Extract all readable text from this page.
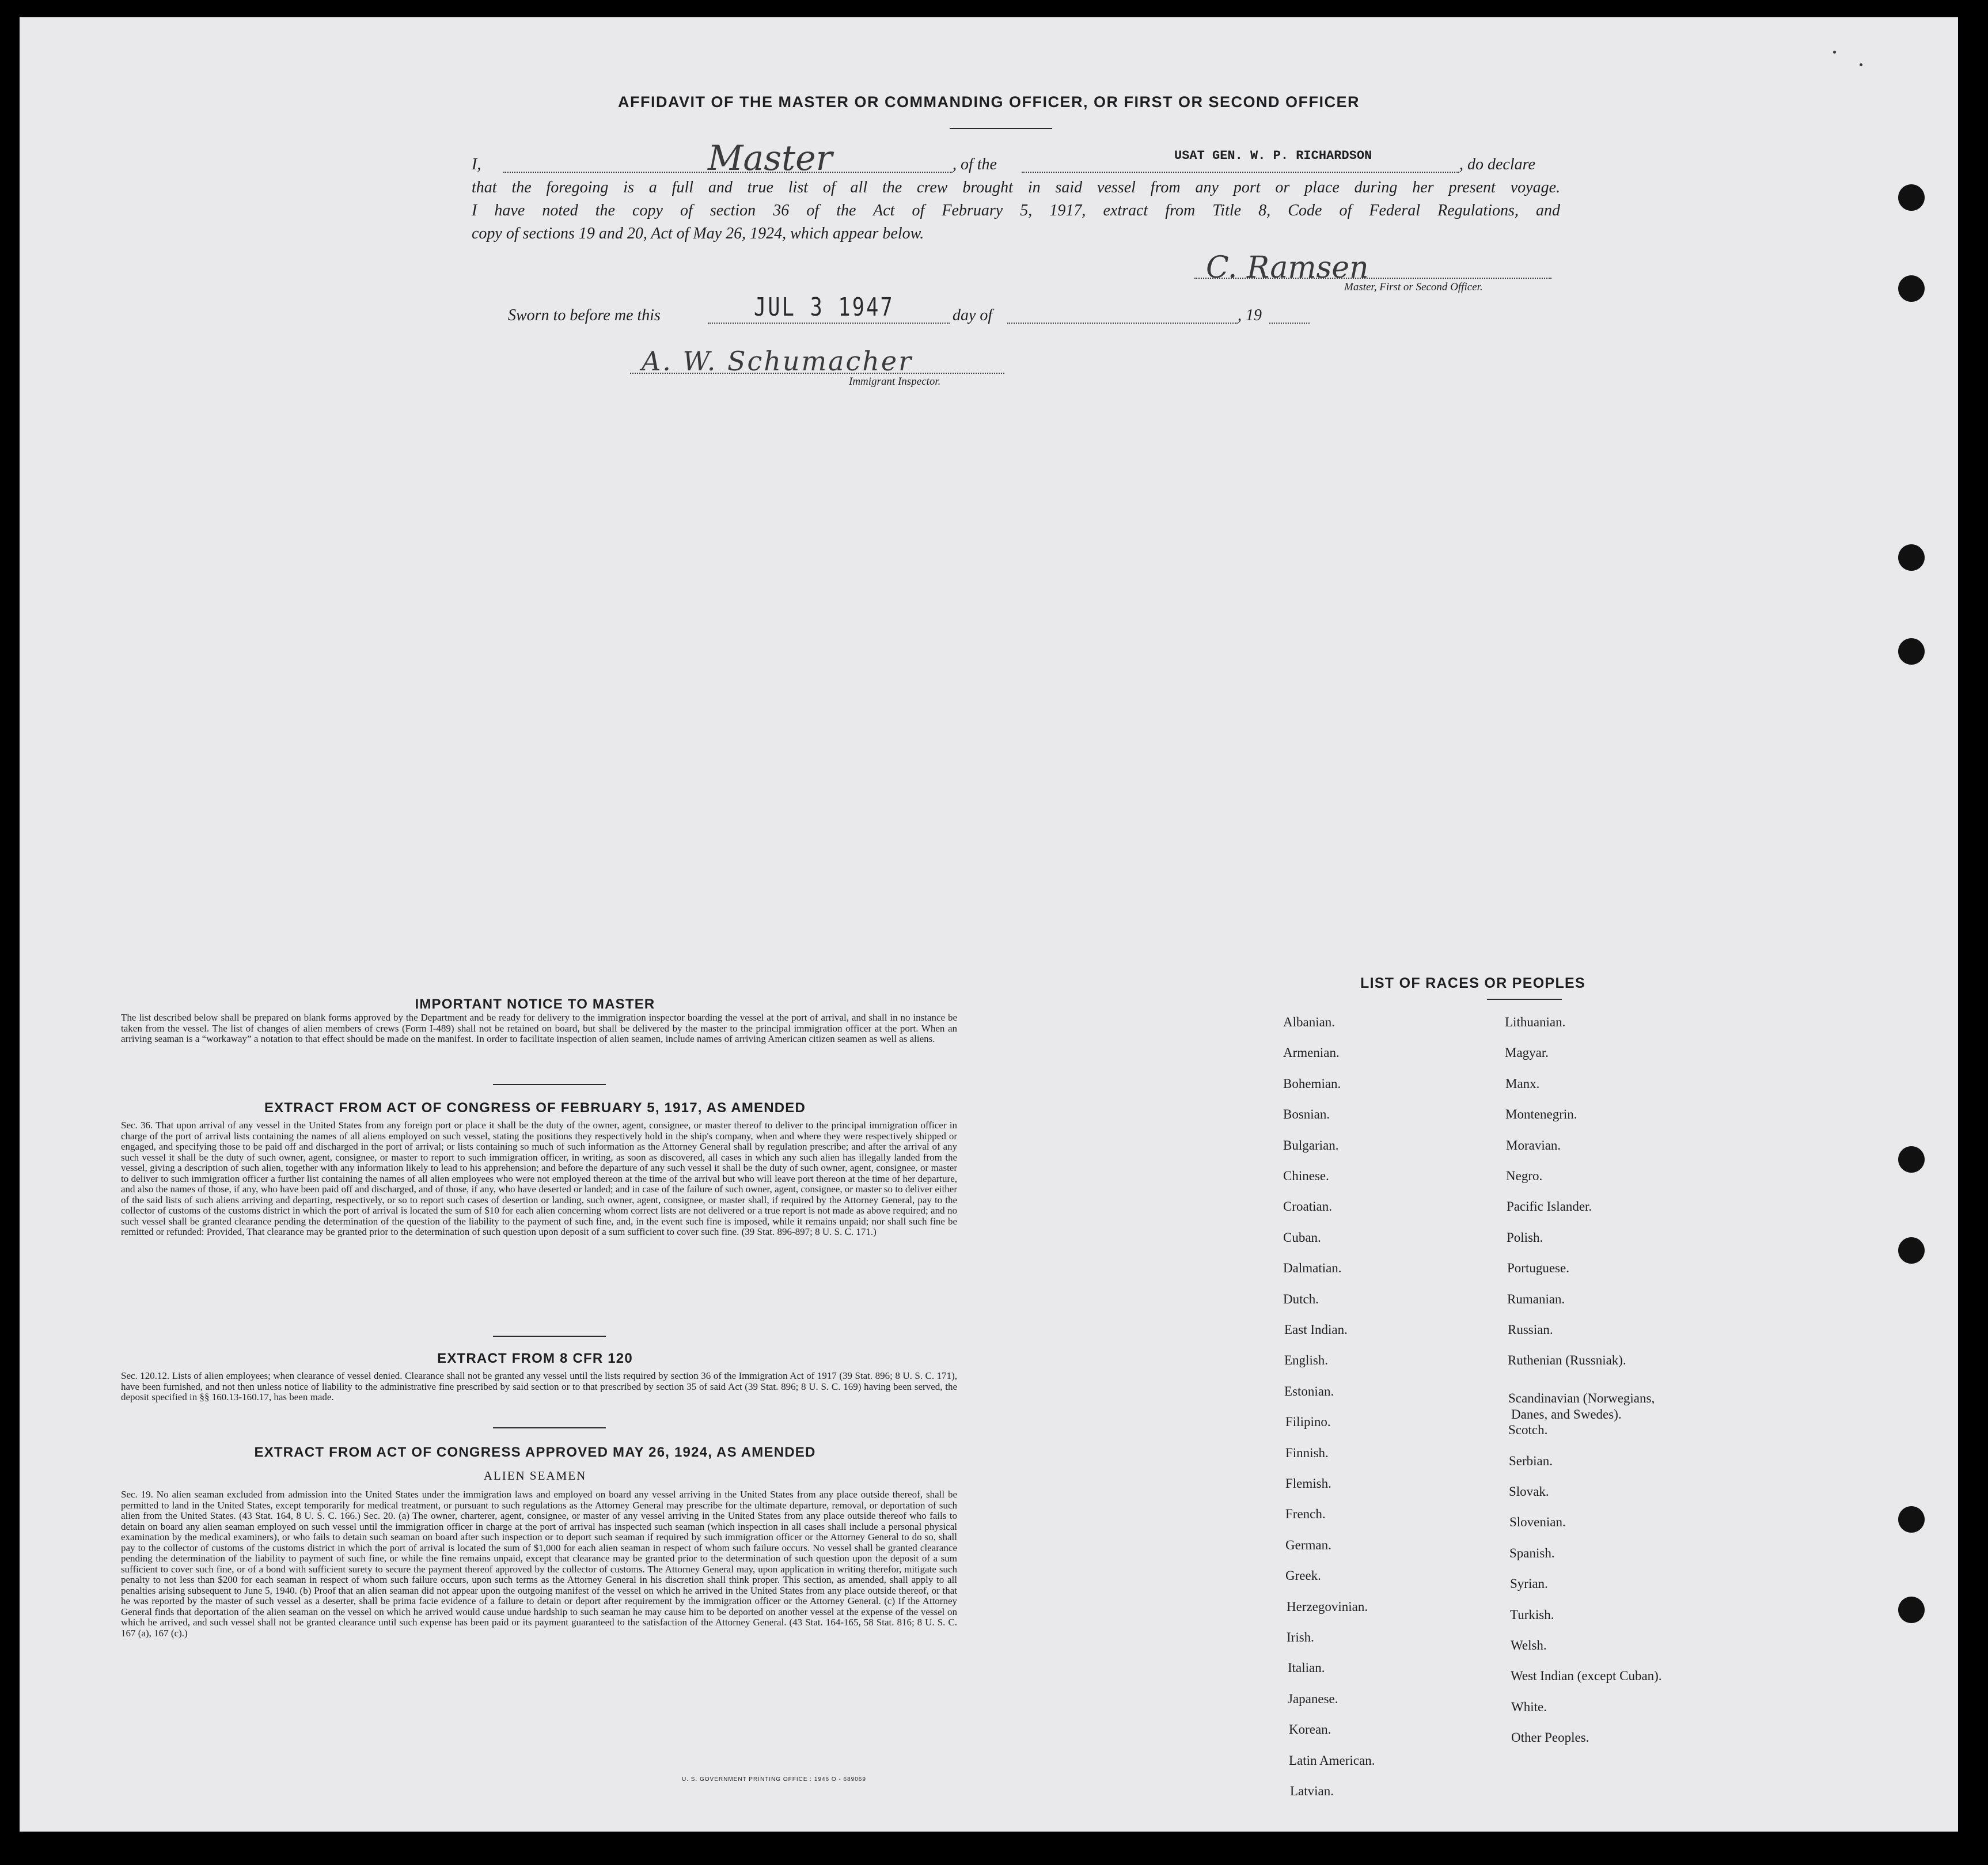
AFFIDAVIT OF THE MASTER OR COMMANDING OFFICER, OR FIRST OR SECOND OFFICER
I,	Master	, of the	USAT GEN. W. P. RICHARDSON	, do declare
that the foregoing is a full and true list of all the crew brought in said vessel from any port or place during her present voyage.
I have noted the copy of section 36 of the Act of February 5, 1917, extract from Title 8, Code of Federal Regulations, and
copy of sections 19 and 20, Act of May 26, 1924, which appear below.
C. Ramsen
Master, First or Second Officer.
Sworn to before me this	JUL 3 1947	day of	, 19
A. W. Schumacher
Immigrant Inspector.
IMPORTANT NOTICE TO MASTER
The list described below shall be prepared on blank forms approved by the Department and be ready for delivery to the immigration inspector boarding the vessel at the port of arrival, and shall in no instance be taken from the vessel. The list of changes of alien members of crews (Form I-489) shall not be retained on board, but shall be delivered by the master to the principal immigration officer at the port. When an arriving seaman is a “workaway” a notation to that effect should be made on the manifest. In order to facilitate inspection of alien seamen, include names of arriving American citizen seamen as well as aliens.
EXTRACT FROM ACT OF CONGRESS OF FEBRUARY 5, 1917, AS AMENDED
Sec. 36. That upon arrival of any vessel in the United States from any foreign port or place it shall be the duty of the owner, agent, consignee, or master thereof to deliver to the principal immigration officer in charge of the port of arrival lists containing the names of all aliens employed on such vessel, stating the positions they respectively hold in the ship's company, when and where they were respectively shipped or engaged, and specifying those to be paid off and discharged in the port of arrival; or lists containing so much of such information as the Attorney General shall by regulation prescribe; and after the arrival of any such vessel it shall be the duty of such owner, agent, consignee, or master to report to such immigration officer, in writing, as soon as discovered, all cases in which any such alien has illegally landed from the vessel, giving a description of such alien, together with any information likely to lead to his apprehension; and before the departure of any such vessel it shall be the duty of such owner, agent, consignee, or master to deliver to such immigration officer a further list containing the names of all alien employees who were not employed thereon at the time of the arrival but who will leave port thereon at the time of her departure, and also the names of those, if any, who have been paid off and discharged, and of those, if any, who have deserted or landed; and in case of the failure of such owner, agent, consignee, or master so to deliver either of the said lists of such aliens arriving and departing, respectively, or so to report such cases of desertion or landing, such owner, agent, consignee, or master shall, if required by the Attorney General, pay to the collector of customs of the customs district in which the port of arrival is located the sum of $10 for each alien concerning whom correct lists are not delivered or a true report is not made as above required; and no such vessel shall be granted clearance pending the determination of the question of the liability to the payment of such fine, and, in the event such fine is imposed, while it remains unpaid; nor shall such fine be remitted or refunded: Provided, That clearance may be granted prior to the determination of such question upon deposit of a sum sufficient to cover such fine. (39 Stat. 896-897; 8 U. S. C. 171.)
EXTRACT FROM 8 CFR 120
Sec. 120.12. Lists of alien employees; when clearance of vessel denied. Clearance shall not be granted any vessel until the lists required by section 36 of the Immigration Act of 1917 (39 Stat. 896; 8 U. S. C. 171), have been furnished, and not then unless notice of liability to the administrative fine prescribed by said section or to that prescribed by section 35 of said Act (39 Stat. 896; 8 U. S. C. 169) having been served, the deposit specified in §§ 160.13-160.17, has been made.
EXTRACT FROM ACT OF CONGRESS APPROVED MAY 26, 1924, AS AMENDED
ALIEN SEAMEN
Sec. 19. No alien seaman excluded from admission into the United States under the immigration laws and employed on board any vessel arriving in the United States from any place outside thereof, shall be permitted to land in the United States, except temporarily for medical treatment, or pursuant to such regulations as the Attorney General may prescribe for the ultimate departure, removal, or deportation of such alien from the United States. (43 Stat. 164, 8 U. S. C. 166.) Sec. 20. (a) The owner, charterer, agent, consignee, or master of any vessel arriving in the United States from any place outside thereof who fails to detain on board any alien seaman employed on such vessel until the immigration officer in charge at the port of arrival has inspected such seaman (which inspection in all cases shall include a personal physical examination by the medical examiners), or who fails to detain such seaman on board after such inspection or to deport such seaman if required by such immigration officer or the Attorney General to do so, shall pay to the collector of customs of the customs district in which the port of arrival is located the sum of $1,000 for each alien seaman in respect of whom such failure occurs. No vessel shall be granted clearance pending the determination of the liability to payment of such fine, or while the fine remains unpaid, except that clearance may be granted prior to the determination of such question upon the deposit of a sum sufficient to cover such fine, or of a bond with sufficient surety to secure the payment thereof approved by the collector of customs. The Attorney General may, upon application in writing therefor, mitigate such penalty to not less than $200 for each seaman in respect of whom such failure occurs, upon such terms as the Attorney General in his discretion shall think proper. This section, as amended, shall apply to all penalties arising subsequent to June 5, 1940. (b) Proof that an alien seaman did not appear upon the outgoing manifest of the vessel on which he arrived in the United States from any place outside thereof, or that he was reported by the master of such vessel as a deserter, shall be prima facie evidence of a failure to detain or deport after requirement by the immigration officer or the Attorney General. (c) If the Attorney General finds that deportation of the alien seaman on the vessel on which he arrived would cause undue hardship to such seaman he may cause him to be deported on another vessel at the expense of the vessel on which he arrived, and such vessel shall not be granted clearance until such expense has been paid or its payment guaranteed to the satisfaction of the Attorney General. (43 Stat. 164-165, 58 Stat. 816; 8 U. S. C. 167 (a), 167 (c).)
U. S. GOVERNMENT PRINTING OFFICE : 1946 O - 689069
LIST OF RACES OR PEOPLES
Albanian.
Armenian.
Bohemian.
Bosnian.
Bulgarian.
Chinese.
Croatian.
Cuban.
Dalmatian.
Dutch.
East Indian.
English.
Estonian.
Filipino.
Finnish.
Flemish.
French.
German.
Greek.
Herzegovinian.
Irish.
Italian.
Japanese.
Korean.
Latin American.
Latvian.
Lithuanian.
Magyar.
Manx.
Montenegrin.
Moravian.
Negro.
Pacific Islander.
Polish.
Portuguese.
Rumanian.
Russian.
Ruthenian (Russniak).
Scandinavian (Norwegians,
Danes, and Swedes).
Scotch.
Serbian.
Slovak.
Slovenian.
Spanish.
Syrian.
Turkish.
Welsh.
West Indian (except Cuban).
White.
Other Peoples.
